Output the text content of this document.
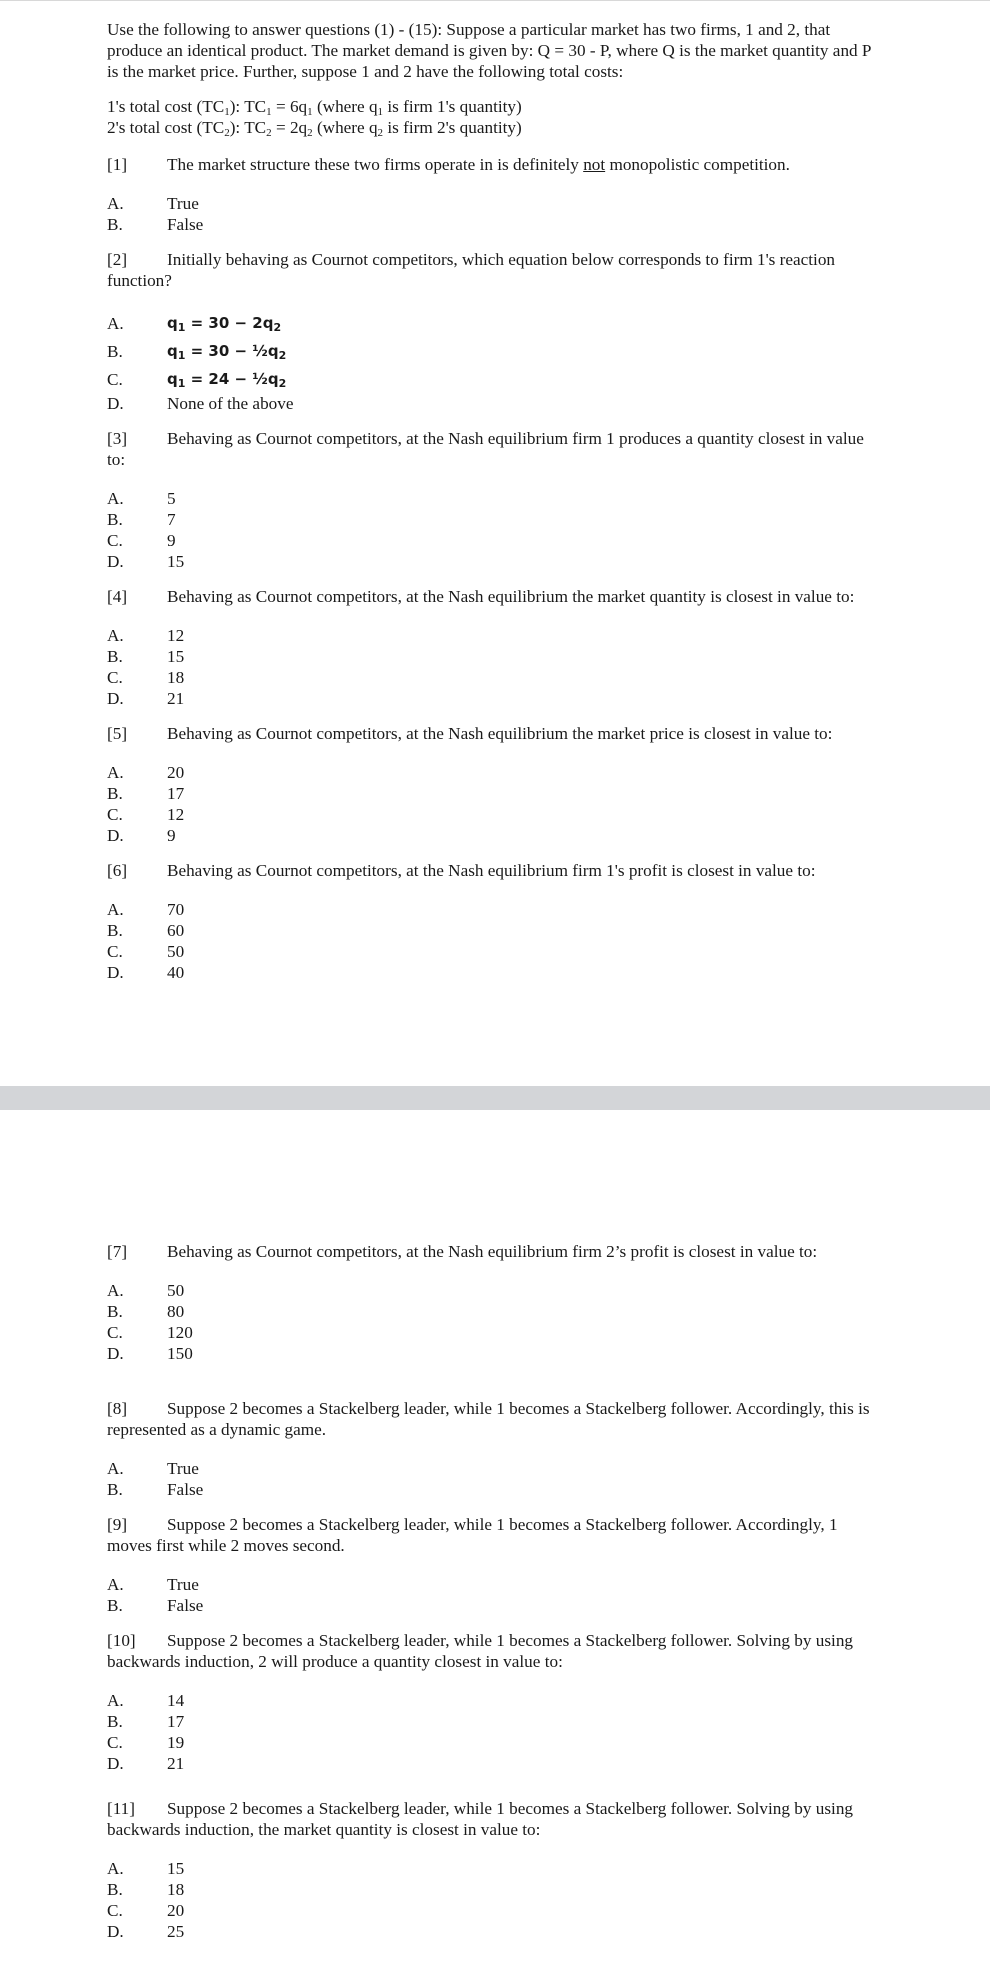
Use the following to answer questions (1) - (15): Suppose a particular market has two firms, 1 and 2, that produce an identical product. The market demand is given by: Q = 30 - P, where Q is the market quantity and P is the market price. Further, suppose 1 and 2 have the following total costs:

1's total cost $(TC_1)$: $TC_1 = 6q_1$ (where $q_1$ is firm 1's quantity)

2's total cost $(TC_2)$: $TC_2 = 2q_2$ (where $q_2$ is firm 2's quantity)

[1] The market structure these two firms operate in is definitely not monopolistic competition.

A.	True
B.	False

[2] Initially behaving as Cournot competitors, which equation below corresponds to firm 1's reaction function?

A.	$q_1 = 30 - 2q_2$
B.	$q_1 = 30$ − $\frac{1}{2}q_2$
C.	$q_1 = 24$ − $\frac{1}{2}q_2$
D.	None of the above

[3] Behaving as Cournot competitors, at the Nash equilibrium firm 1 produces a quantity closest in value to:

A.	5
B.	7
C.	9
D.	15

[4] Behaving as Cournot competitors, at the Nash equilibrium the market quantity is closest in value to:

A.	12
B.	15
C.	18
D.	21

[5] Behaving as Cournot competitors, at the Nash equilibrium the market price is closest in value to:

A.	20
B.	17
C.	12
D.	9

[6] Behaving as Cournot competitors, at the Nash equilibrium firm 1's profit is closest in value to:

A.	70
B.	60
C.	50
D.	40

[7] Behaving as Cournot competitors, at the Nash equilibrium firm 2’s profit is closest in value to:

A.	50
B.	80
C.	120
D.	150

[8] Suppose 2 becomes a Stackelberg leader, while 1 becomes a Stackelberg follower. Accordingly, this is represented as a dynamic game.

A.	True
B.	False

[9] Suppose 2 becomes a Stackelberg leader, while 1 becomes a Stackelberg follower. Accordingly, 1 moves first while 2 moves second.

A.	True
B.	False

[10] Suppose 2 becomes a Stackelberg leader, while 1 becomes a Stackelberg follower. Solving by using backwards induction, 2 will produce a quantity closest in value to:

A.	14
B.	17
C.	19
D.	21

[11] Suppose 2 becomes a Stackelberg leader, while 1 becomes a Stackelberg follower. Solving by using backwards induction, the market quantity is closest in value to:

A.	15
B.	18
C.	20
D.	25
